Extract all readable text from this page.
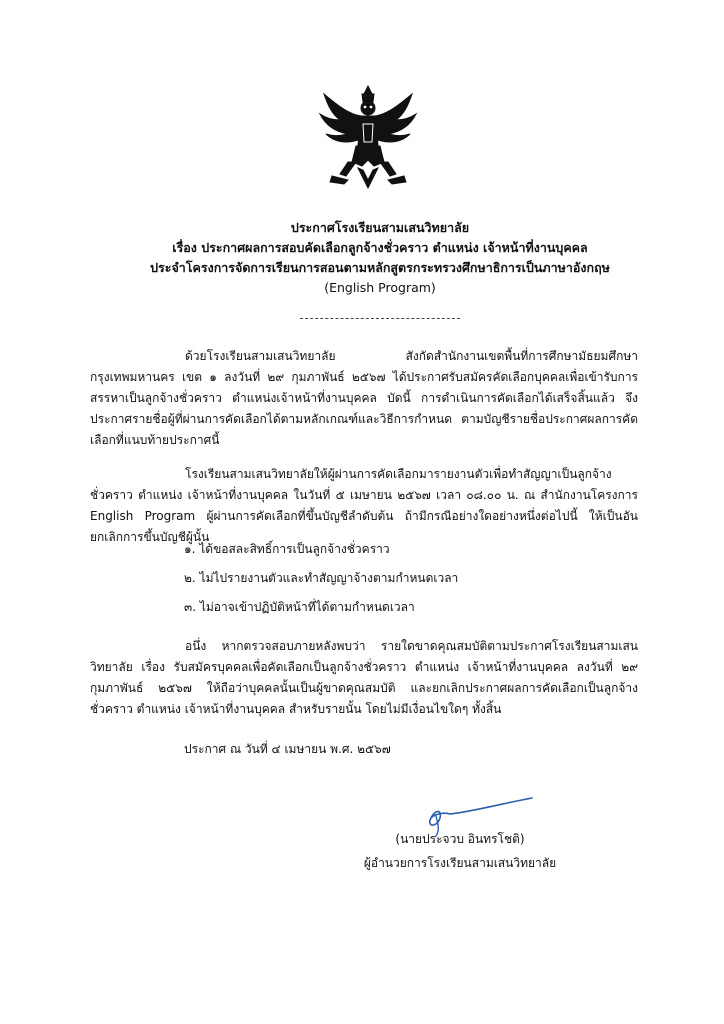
ประกาศโรงเรียนสามเสนวิทยาลัย
เรื่อง ประกาศผลการสอบคัดเลือกลูกจ้างชั่วคราว ตำแหน่ง เจ้าหน้าที่งานบุคคล
ประจำโครงการจัดการเรียนการสอนตามหลักสูตรกระทรวงศึกษาธิการเป็นภาษาอังกฤษ
(English Program)
ด้วยโรงเรียนสามเสนวิทยาลัย สังกัดสำนักงานเขตพื้นที่การศึกษามัธยมศึกษากรุงเทพมหานคร เขต ๑ ลงวันที่ ๒๙ กุมภาพันธ์ ๒๕๖๗ ได้ประกาศรับสมัครคัดเลือกบุคคลเพื่อเข้ารับการสรรหาเป็นลูกจ้างชั่วคราว ตำแหน่งเจ้าหน้าที่งานบุคคล บัดนี้ การดำเนินการคัดเลือกได้เสร็จสิ้นแล้ว จึงประกาศรายชื่อผู้ที่ผ่านการคัดเลือกได้ตามหลักเกณฑ์และวิธีการกำหนด ตามบัญชีรายชื่อประกาศผลการคัดเลือกที่แนบท้ายประกาศนี้
โรงเรียนสามเสนวิทยาลัยให้ผู้ผ่านการคัดเลือกมารายงานตัวเพื่อทำสัญญาเป็นลูกจ้างชั่วคราว ตำแหน่ง เจ้าหน้าที่งานบุคคล ในวันที่ ๕ เมษายน ๒๕๖๗ เวลา ๐๘.๐๐ น. ณ สำนักงานโครงการ English Program ผู้ผ่านการคัดเลือกที่ขึ้นบัญชีลำดับต้น ถ้ามีกรณีอย่างใดอย่างหนึ่งต่อไปนี้ ให้เป็นอันยกเลิกการขึ้นบัญชีผู้นั้น
๑. ได้ขอสละสิทธิ์การเป็นลูกจ้างชั่วคราว
๒. ไม่ไปรายงานตัวและทำสัญญาจ้างตามกำหนดเวลา
๓. ไม่อาจเข้าปฏิบัติหน้าที่ได้ตามกำหนดเวลา
อนึ่ง หากตรวจสอบภายหลังพบว่า รายใดขาดคุณสมบัติตามประกาศโรงเรียนสามเสนวิทยาลัย เรื่อง รับสมัครบุคคลเพื่อคัดเลือกเป็นลูกจ้างชั่วคราว ตำแหน่ง เจ้าหน้าที่งานบุคคล ลงวันที่ ๒๙ กุมภาพันธ์ ๒๕๖๗ ให้ถือว่าบุคคลนั้นเป็นผู้ขาดคุณสมบัติ และยกเลิกประกาศผลการคัดเลือกเป็นลูกจ้างชั่วคราว ตำแหน่ง เจ้าหน้าที่งานบุคคล สำหรับรายนั้น โดยไม่มีเงื่อนไขใดๆ ทั้งสิ้น
ประกาศ ณ วันที่ ๔ เมษายน พ.ศ. ๒๕๖๗
(นายประจวบ อินทรโชติ)
ผู้อำนวยการโรงเรียนสามเสนวิทยาลัย
